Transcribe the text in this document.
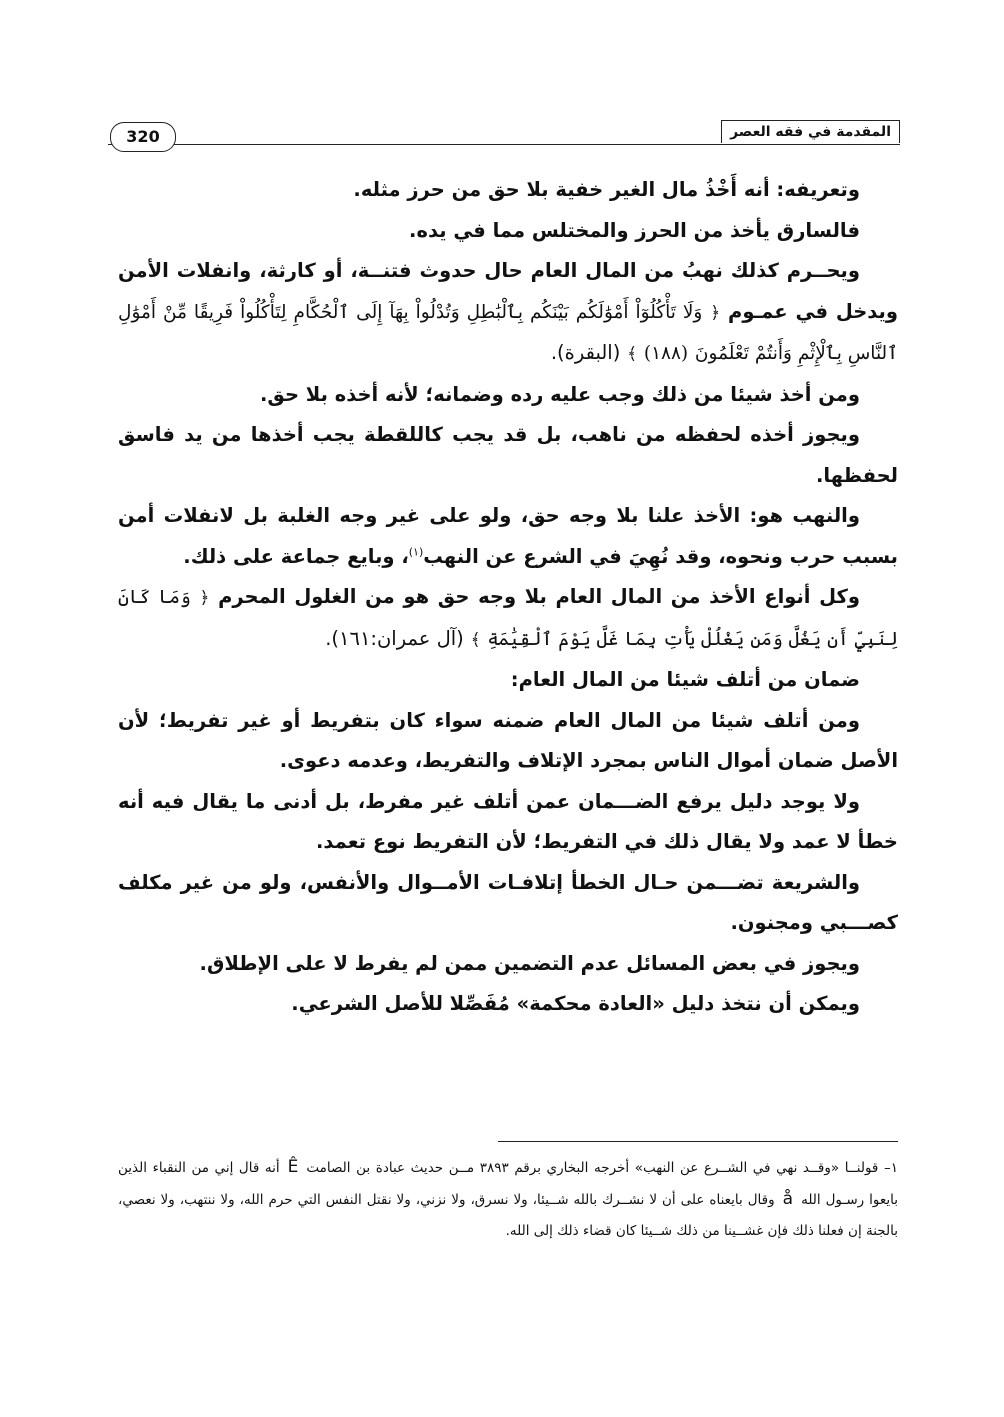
المقدمة في فقه العصر
320

وتعريفه: أنه أَخْذُ مال الغير خفية بلا حق من حرز مثله.

فالسارق يأخذ من الحرز والمختلس مما في يده.

ويحــرم كذلك نهبُ من المال العام حال حدوث فتنــة، أو كارثة، وانفلات الأمن ويدخل في عمـوم ﴿ وَلَا تَأْكُلُوٓاْ أَمْوَٰلَكُم بَيْنَكُم بِٱلْبَٰطِلِ وَتُدْلُواْ بِهَآ إِلَى ٱلْحُكَّامِ لِتَأْكُلُواْ فَرِيقًا مِّنْ أَمْوَٰلِ ٱلنَّاسِ بِٱلْإِثْمِ وَأَنتُمْ تَعْلَمُونَ (١٨٨) ﴾ (البقرة).

ومن أخذ شيئا من ذلك وجب عليه رده وضمانه؛ لأنه أخذه بلا حق.

ويجوز أخذه لحفظه من ناهب، بل قد يجب كاللقطة يجب أخذها من يد فاسق لحفظها.

والنهب هو: الأخذ علنا بلا وجه حق، ولو على غير وجه الغلبة بل لانفلات أمن بسبب حرب ونحوه، وقد نُهِيَ في الشرع عن النهب$^{(١)}$، وبايع جماعة على ذلك.

وكل أنواع الأخذ من المال العام بلا وجه حق هو من الغلول المحرم ﴿ وَمَا كَانَ لِنَبِيٍّ أَن يَغُلَّ وَمَن يَغْلُلْ يَأْتِ بِمَا غَلَّ يَوْمَ ٱلْقِيَٰمَةِ ﴾ (آل عمران:١٦١).

ضمان من أتلف شيئا من المال العام:

ومن أتلف شيئا من المال العام ضمنه سواء كان بتفريط أو غير تفريط؛ لأن الأصل ضمان أموال الناس بمجرد الإتلاف والتفريط، وعدمه دعوى.

ولا يوجد دليل يرفع الضـــمان عمن أتلف غير مفرط، بل أدنى ما يقال فيه أنه خطأ لا عمد ولا يقال ذلك في التفريط؛ لأن التفريط نوع تعمد.

والشريعة تضـــمن حـال الخطأ إتلافـات الأمــوال والأنفس، ولو من غير مكلف كصـــبي ومجنون.

ويجوز في بعض المسائل عدم التضمين ممن لم يفرط لا على الإطلاق.

ويمكن أن نتخذ دليل «العادة محكمة» مُفَصِّلا للأصل الشرعي.

١– قولنــا «وقــد نهي في الشــرع عن النهب» أخرجه البخاري برقم ٣٨٩٣ مــن حديث عبادة بن الصامتÊأنه قال إني من النقباء الذين بايعوا رسـول اللهåوقال بايعناه على أن لا نشــرك بالله شــيئا، ولا نسرق، ولا نزني، ولا نقتل النفس التي حرم الله، ولا ننتهب، ولا نعصي، بالجنة إن فعلنا ذلك فإن غشــينا من ذلك شــيئا كان قضاء ذلك إلى الله.
